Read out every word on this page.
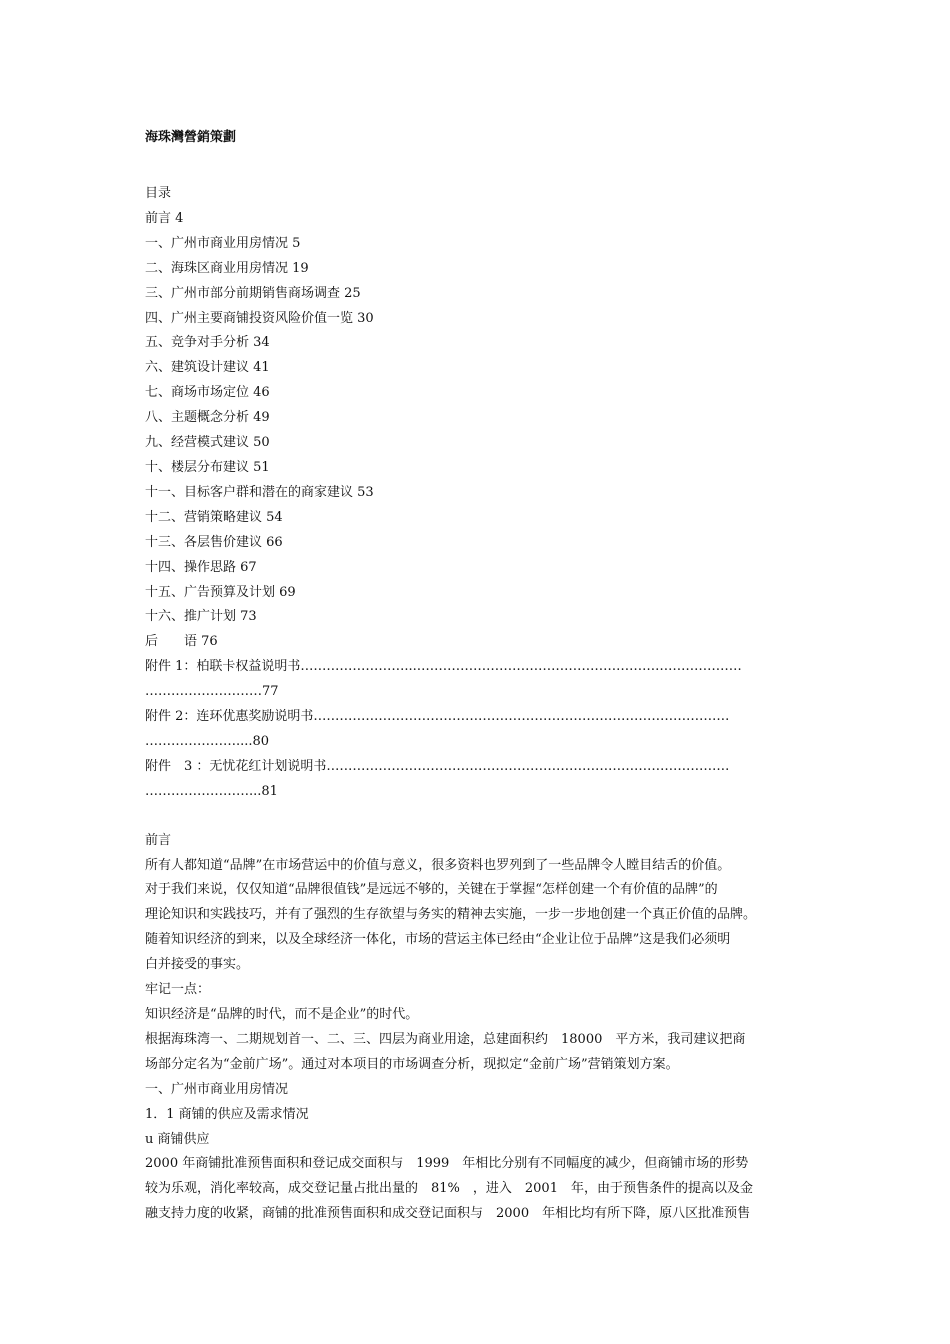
海珠灣營銷策劃

目录

前言 4

一、广州市商业用房情况 5

二、海珠区商业用房情况 19

三、广州市部分前期销售商场调查 25

四、广州主要商铺投资风险价值一览 30

五、竞争对手分析 34

六、建筑设计建议 41

七、商场市场定位 46

八、主题概念分析 49

九、经营模式建议 50

十、楼层分布建议 51

十一、目标客户群和潜在的商家建议 53

十二、营销策略建议 54

十三、各层售价建议 66

十四、操作思路 67

十五、广告预算及计划 69

十六、推广计划 73

后　　语 76

附件 1：柏联卡权益说明书……………………...…………………………………………………………………

………………………77

附件 2：连环优惠奖励说明书……………………………………………………………………………………

…………………....80

附件　3 ：无忧花红计划说明书…………………………………………………………………………………

……………………...81

前言

所有人都知道“品牌”在市场营运中的价值与意义，很多资料也罗列到了一些品牌令人瞠目结舌的价值。

对于我们来说，仅仅知道“品牌很值钱”是远远不够的，关键在于掌握“怎样创建一个有价值的品牌”的

理论知识和实践技巧，并有了强烈的生存欲望与务实的精神去实施，一步一步地创建一个真正价值的品牌。

随着知识经济的到来，以及全球经济一体化，市场的营运主体已经由“企业让位于品牌”这是我们必须明

白并接受的事实。

牢记一点：

知识经济是“品牌的时代，而不是企业”的时代。

根据海珠湾一、二期规划首一、二、三、四层为商业用途，总建面积约　18000　平方米，我司建议把商

场部分定名为“金前广场”。通过对本项目的市场调查分析，现拟定“金前广场”营销策划方案。

一、广州市商业用房情况

1．1 商铺的供应及需求情况

u 商铺供应

2000 年商铺批准预售面积和登记成交面积与　1999　年相比分别有不同幅度的减少，但商铺市场的形势

较为乐观，消化率较高，成交登记量占批出量的　81%　，进入　2001　年，由于预售条件的提高以及金

融支持力度的收紧，商铺的批准预售面积和成交登记面积与　2000　年相比均有所下降，原八区批准预售
